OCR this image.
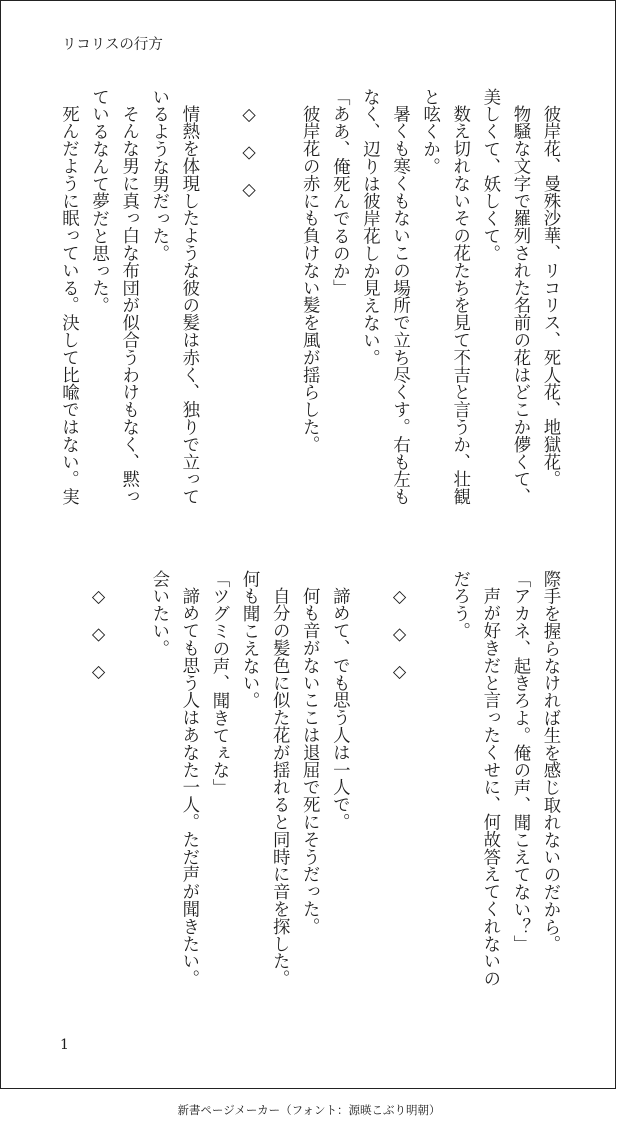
リコリスの行方

彼岸花、曼殊沙華、リコリス、死人花、地獄花。

物騒な文字で羅列された名前の花はどこか儚くて、

美しくて、妖しくて。

数え切れないその花たちを見て不吉と言うか、壮観

と呟くか。

暑くも寒くもないこの場所で立ち尽くす。右も左も

なく、辺りは彼岸花しか見えない。

「ああ、俺死んでるのか」

彼岸花の赤にも負けない髪を風が揺らした。

◇◇◇

情熱を体現したような彼の髪は赤く、独りで立って

いるような男だった。

そんな男に真っ白な布団が似合うわけもなく、黙っ

ているなんて夢だと思った。

死んだように眠っている。決して比喩ではない。実

際手を握らなければ生を感じ取れないのだから。

「アカネ、起きろよ。俺の声、聞こえてない？」

声が好きだと言ったくせに、何故答えてくれないの

だろう。

◇◇◇

諦めて、でも思う人は一人で。

何も音がないここは退屈で死にそうだった。

自分の髪色に似た花が揺れると同時に音を探した。

何も聞こえない。

「ツグミの声、聞きてぇな」

諦めても思う人はあなた一人。ただ声が聞きたい。

会いたい。

◇◇◇

1

新書ページメーカー（フォント：源暎こぶり明朝）
